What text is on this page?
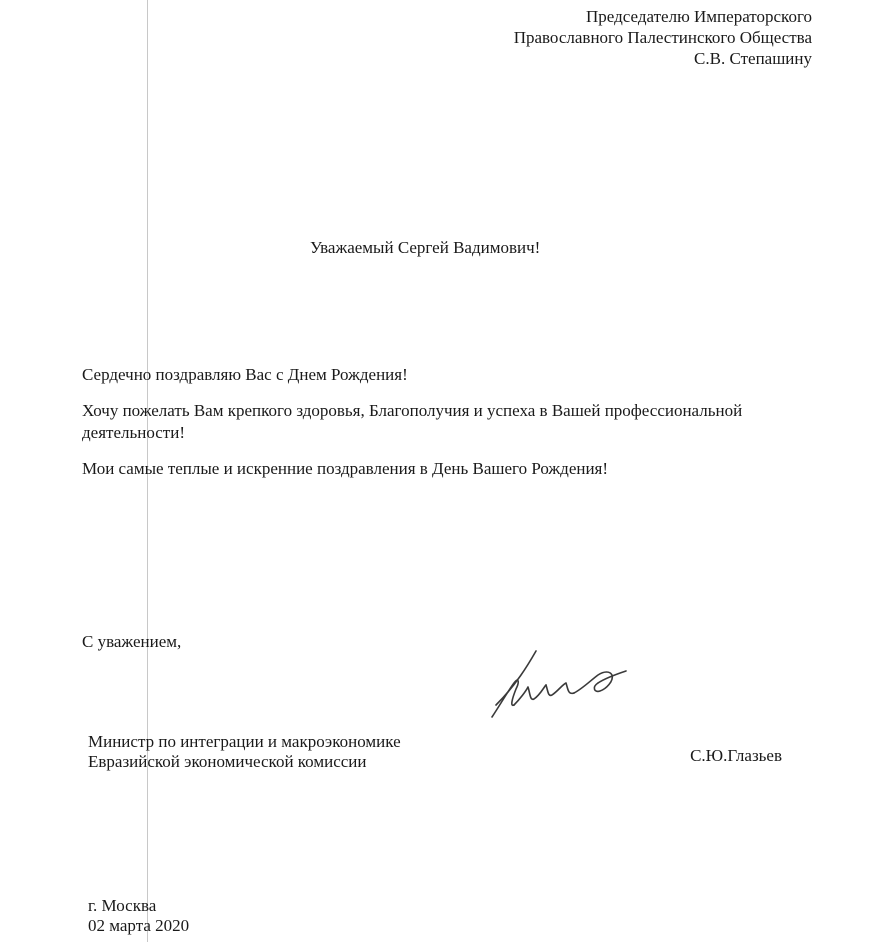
Председателю Императорского
Православного Палестинского Общества
С.В. Степашину
Уважаемый Сергей Вадимович!

Сердечно поздравляю Вас с Днем Рождения!

Хочу пожелать Вам крепкого здоровья, Благополучия и успеха в Вашей профессиональной деятельности!

Мои самые теплые и искренние поздравления в День Вашего Рождения!

С уважением,
Министр по интеграции и макроэкономике
Евразийской экономической комиссии	С.Ю.Глазьев
г. Москва
02 марта 2020
